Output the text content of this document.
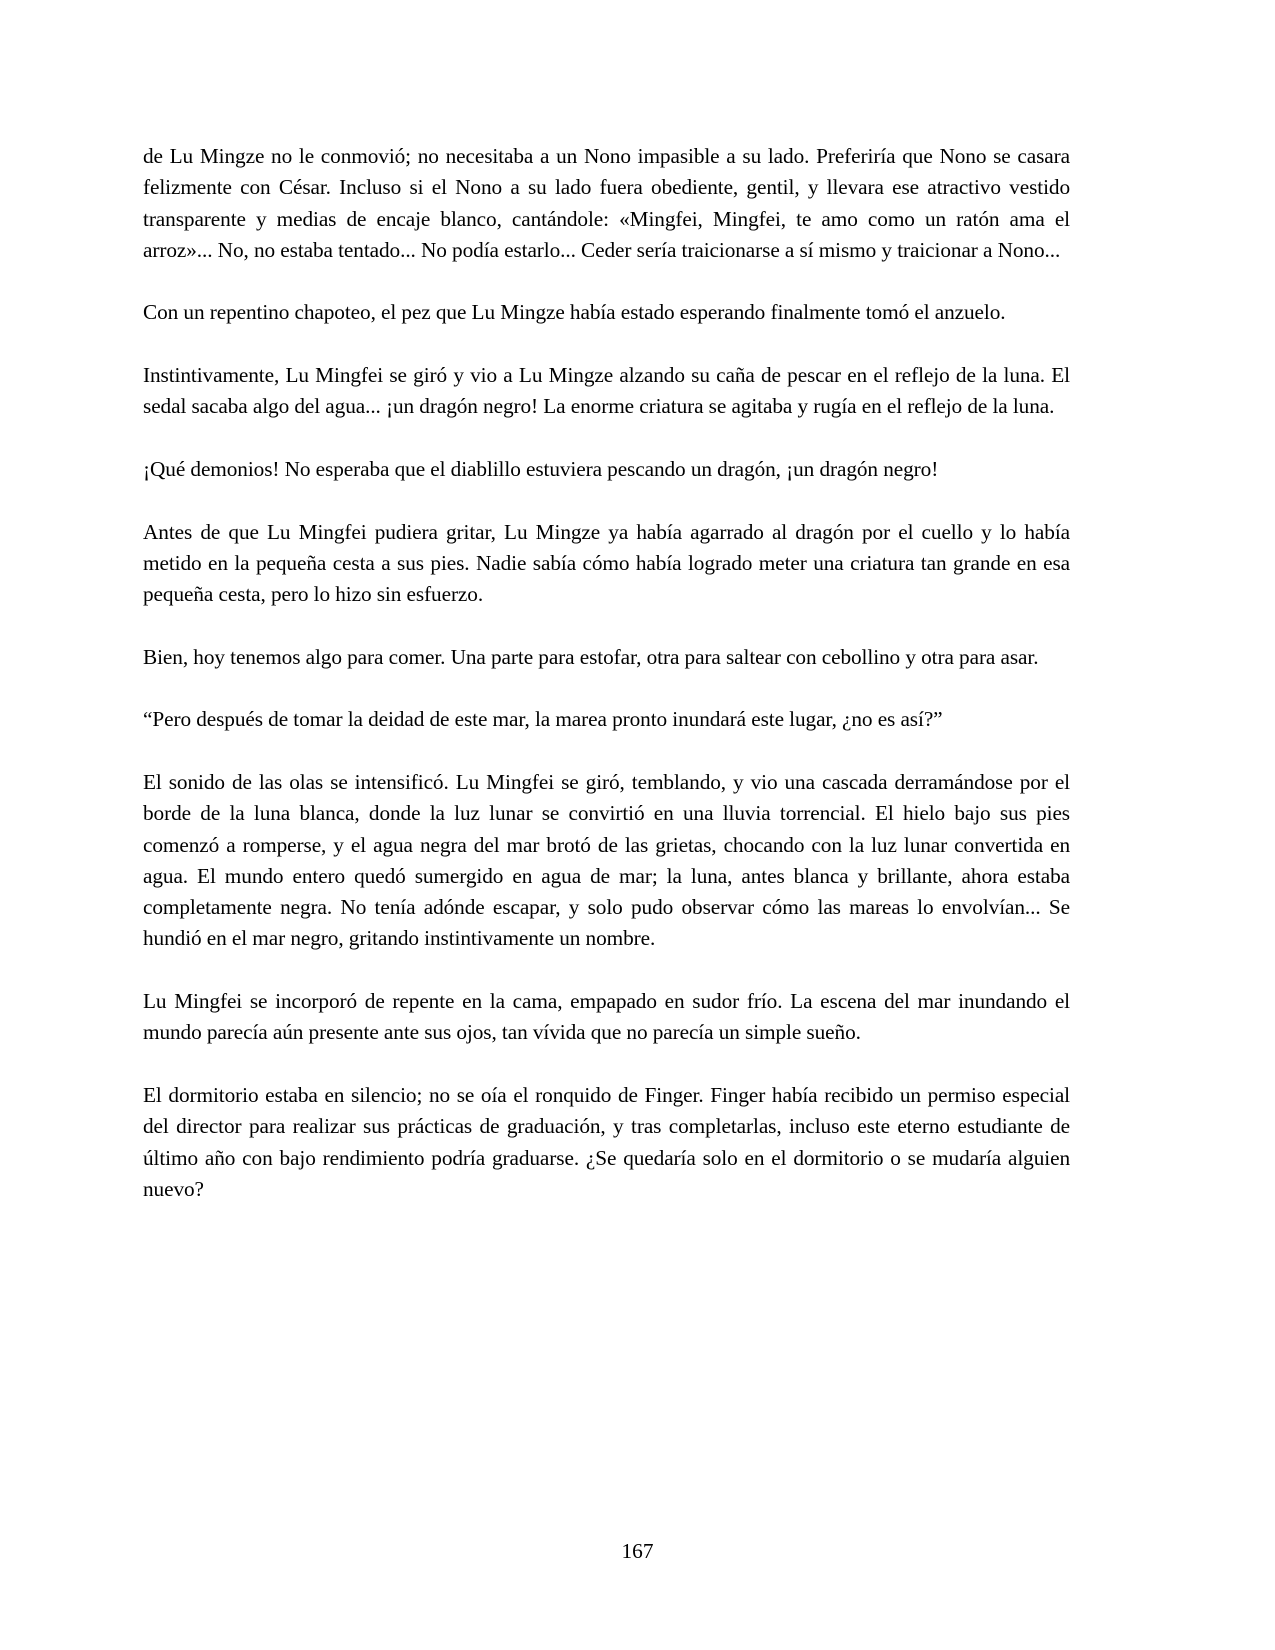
de Lu Mingze no le conmovió; no necesitaba a un Nono impasible a su lado. Preferiría que Nono se casara felizmente con César. Incluso si el Nono a su lado fuera obediente, gentil, y llevara ese atractivo vestido transparente y medias de encaje blanco, cantándole: «Mingfei, Mingfei, te amo como un ratón ama el arroz»... No, no estaba tentado... No podía estarlo... Ceder sería traicionarse a sí mismo y traicionar a Nono...

Con un repentino chapoteo, el pez que Lu Mingze había estado esperando finalmente tomó el anzuelo.

Instintivamente, Lu Mingfei se giró y vio a Lu Mingze alzando su caña de pescar en el reflejo de la luna. El sedal sacaba algo del agua... ¡un dragón negro! La enorme criatura se agitaba y rugía en el reflejo de la luna.

¡Qué demonios! No esperaba que el diablillo estuviera pescando un dragón, ¡un dragón negro!

Antes de que Lu Mingfei pudiera gritar, Lu Mingze ya había agarrado al dragón por el cuello y lo había metido en la pequeña cesta a sus pies. Nadie sabía cómo había logrado meter una criatura tan grande en esa pequeña cesta, pero lo hizo sin esfuerzo.

Bien, hoy tenemos algo para comer. Una parte para estofar, otra para saltear con cebollino y otra para asar.

“Pero después de tomar la deidad de este mar, la marea pronto inundará este lugar, ¿no es así?”

El sonido de las olas se intensificó. Lu Mingfei se giró, temblando, y vio una cascada derramándose por el borde de la luna blanca, donde la luz lunar se convirtió en una lluvia torrencial. El hielo bajo sus pies comenzó a romperse, y el agua negra del mar brotó de las grietas, chocando con la luz lunar convertida en agua. El mundo entero quedó sumergido en agua de mar; la luna, antes blanca y brillante, ahora estaba completamente negra. No tenía adónde escapar, y solo pudo observar cómo las mareas lo envolvían... Se hundió en el mar negro, gritando instintivamente un nombre.

Lu Mingfei se incorporó de repente en la cama, empapado en sudor frío. La escena del mar inundando el mundo parecía aún presente ante sus ojos, tan vívida que no parecía un simple sueño.

El dormitorio estaba en silencio; no se oía el ronquido de Finger. Finger había recibido un permiso especial del director para realizar sus prácticas de graduación, y tras completarlas, incluso este eterno estudiante de último año con bajo rendimiento podría graduarse. ¿Se quedaría solo en el dormitorio o se mudaría alguien nuevo?

167
